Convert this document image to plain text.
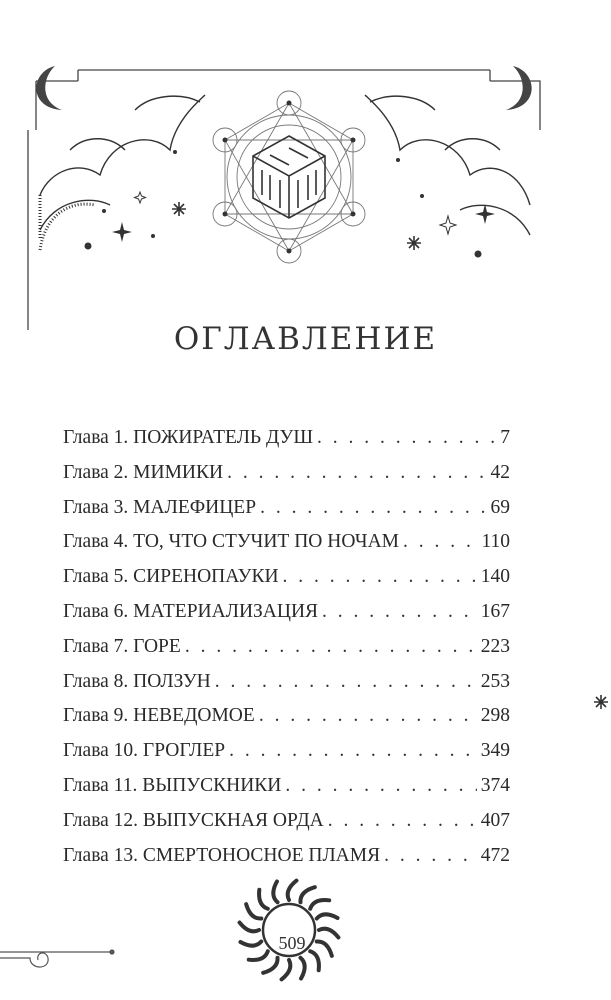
ОГЛАВЛЕНИЕ
Глава 1. ПОЖИРАТЕЛЬ ДУШ . . .	7
Глава 2. МИМИКИ . . .	42
Глава 3. МАЛЕФИЦЕР . . .	69
Глава 4. ТО, ЧТО СТУЧИТ ПО НОЧАМ . . .	110
Глава 5. СИРЕНОПАУКИ . . .	140
Глава 6. МАТЕРИАЛИЗАЦИЯ . . .	167
Глава 7. ГОРЕ . . .	223
Глава 8. ПОЛЗУН . . .	253
Глава 9. НЕВЕДОМОЕ . . .	298
Глава 10. ГРОГЛЕР . . .	349
Глава 11. ВЫПУСКНИКИ . . .	374
Глава 12. ВЫПУСКНАЯ ОРДА . . .	407
Глава 13. СМЕРТОНОСНОЕ ПЛАМЯ . . .	472
509
